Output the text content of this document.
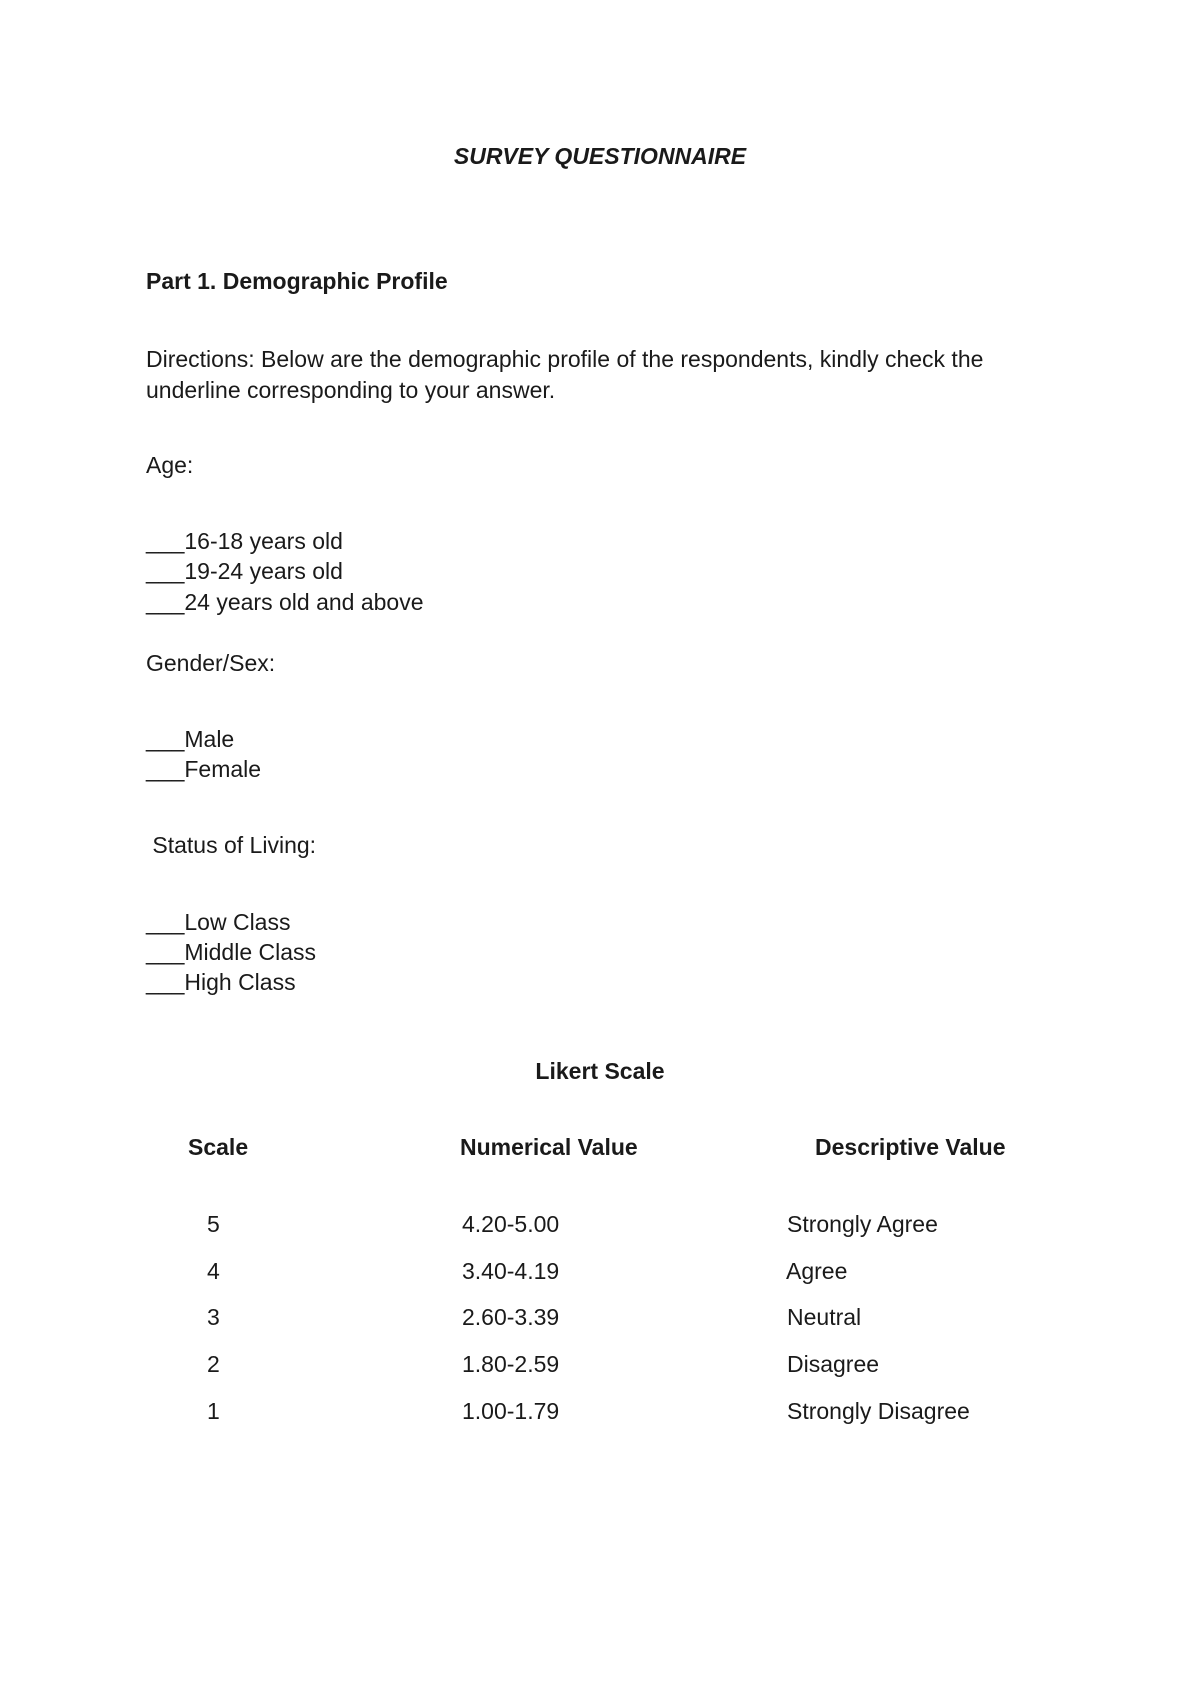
SURVEY QUESTIONNAIRE
Part 1. Demographic Profile
Directions: Below are the demographic profile of the respondents, kindly check the underline corresponding to your answer.
Age:
___16-18 years old
___19-24 years old
___24 years old and above
Gender/Sex:
___Male
___Female
Status of Living:
___Low Class
___Middle Class
___High Class
Likert Scale
Scale	Numerical Value	Descriptive Value
5	4.20-5.00	Strongly Agree
4	3.40-4.19	Agree
3	2.60-3.39	Neutral
2	1.80-2.59	Disagree
1	1.00-1.79	Strongly Disagree
